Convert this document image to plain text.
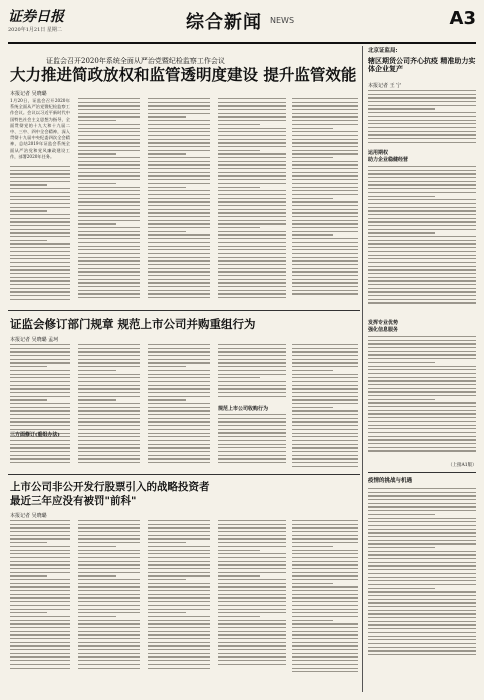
证券日报
2020年1月21日 星期二	综合新闻 NEWS	A3
证监会召开2020年系统全面从严治党暨纪检监察工作会议
大力推进简政放权和监管透明度建设 提升监管效能
本报记者 吴晓璐
1月20日，证监会召开2020年系统全面从严治党暨纪检监察工作会议。会议以习近平新时代中国特色社会主义思想为指导，全面贯彻党的十九大和十九届二中、三中、四中全会精神，深入贯彻十九届中央纪委四次全会精神，总结2019年证监会系统全面从严治党和党风廉政建设工作，部署2020年任务。
证监会修订部门规章 规范上市公司并购重组行为
本报记者 吴晓璐 孟珂
三方面修订(重组办法)
规范上市公司收购行为
上市公司非公开发行股票引入的战略投资者
最近三年应没有被罚"前科"
本报记者 吴晓璐
北京证监局:
辖区期货公司齐心抗疫 精准助力实体企业复产
本报记者 王 宁
运用期权
助力企业稳健经营
发挥专业优势
强化信息服务
（上接A1版）
疫情的挑战与机遇
